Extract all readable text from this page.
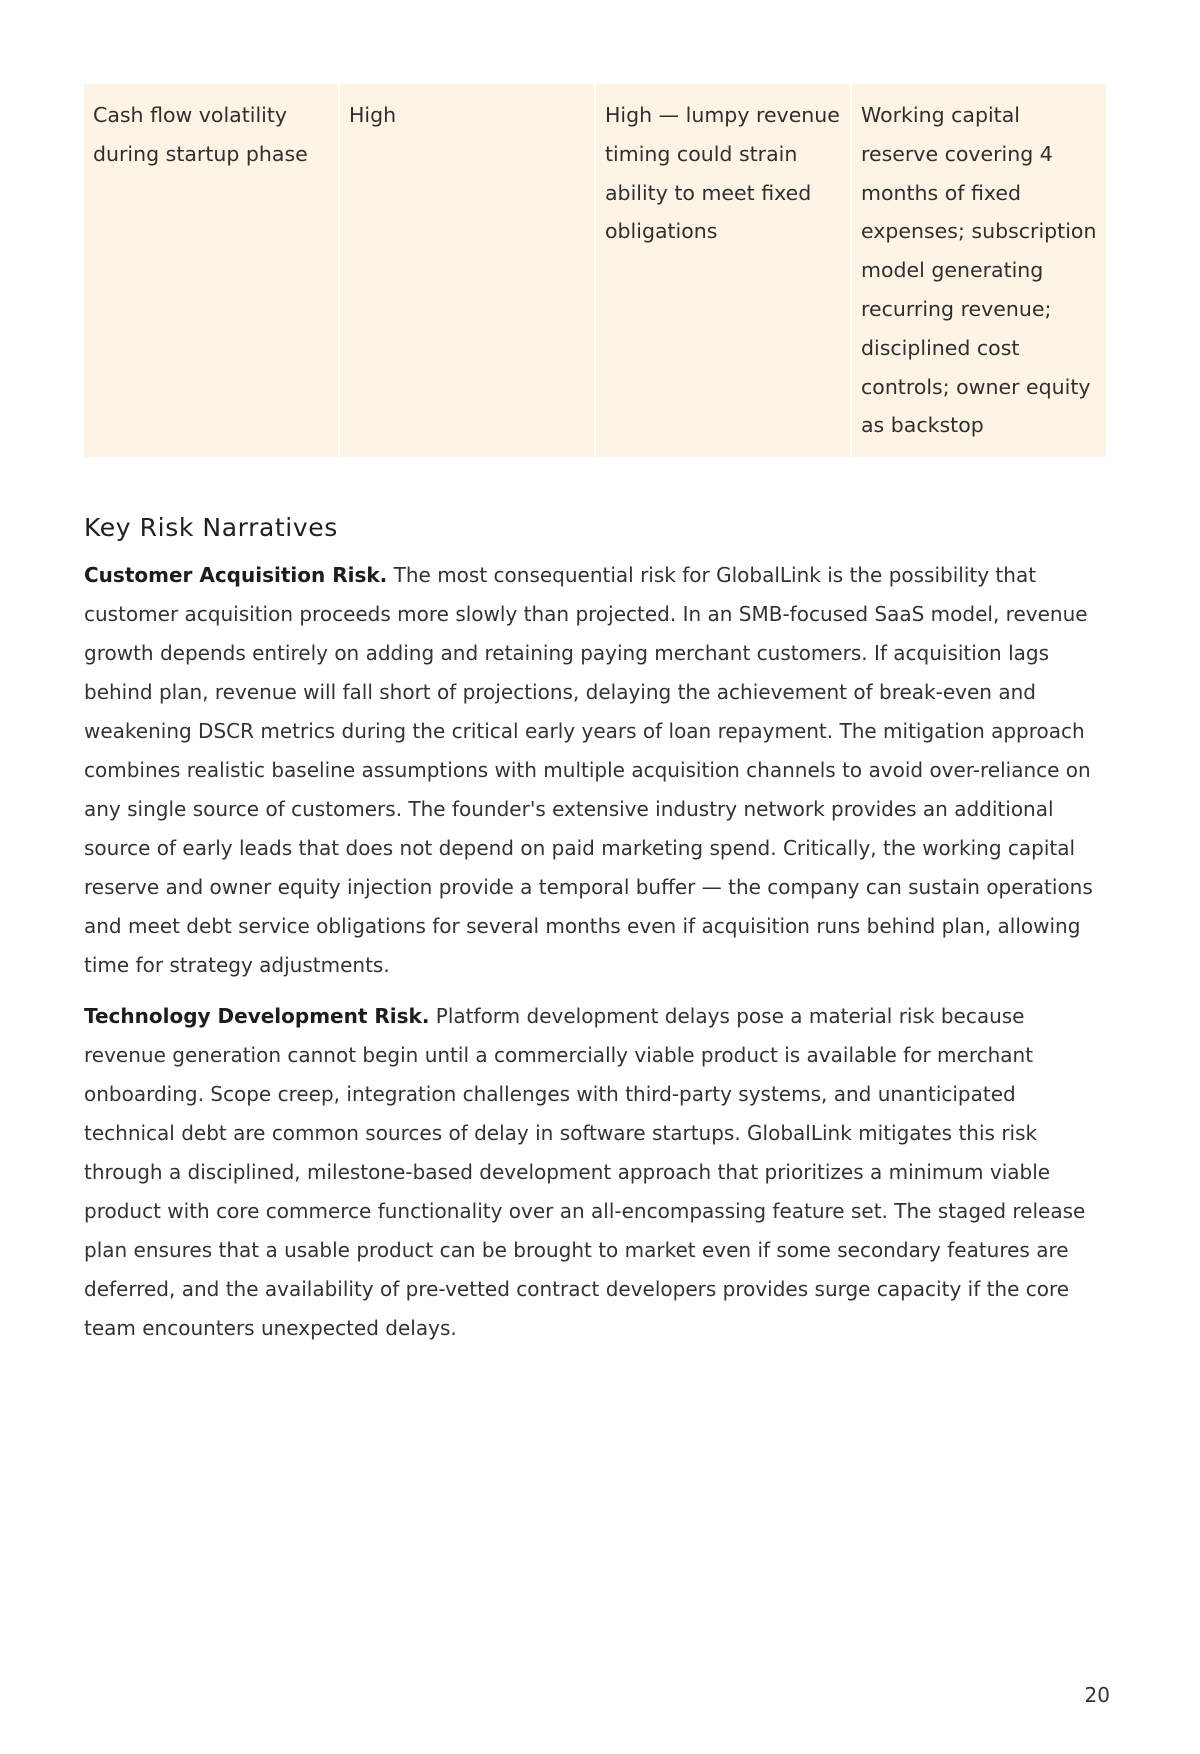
Cash flow volatility during startup phase	High	High — lumpy revenue timing could strain ability to meet fixed obligations	Working capital reserve covering 4 months of fixed expenses; subscription model generating recurring revenue; disciplined cost controls; owner equity as backstop
Key Risk Narratives

Customer Acquisition Risk. The most consequential risk for GlobalLink is the possibility that customer acquisition proceeds more slowly than projected. In an SMB-focused SaaS model, revenue growth depends entirely on adding and retaining paying merchant customers. If acquisition lags behind plan, revenue will fall short of projections, delaying the achievement of break-even and weakening DSCR metrics during the critical early years of loan repayment. The mitigation approach combines realistic baseline assumptions with multiple acquisition channels to avoid over-reliance on any single source of customers. The founder's extensive industry network provides an additional source of early leads that does not depend on paid marketing spend. Critically, the working capital reserve and owner equity injection provide a temporal buffer — the company can sustain operations and meet debt service obligations for several months even if acquisition runs behind plan, allowing time for strategy adjustments.

Technology Development Risk. Platform development delays pose a material risk because revenue generation cannot begin until a commercially viable product is available for merchant onboarding. Scope creep, integration challenges with third-party systems, and unanticipated technical debt are common sources of delay in software startups. GlobalLink mitigates this risk through a disciplined, milestone-based development approach that prioritizes a minimum viable product with core commerce functionality over an all-encompassing feature set. The staged release plan ensures that a usable product can be brought to market even if some secondary features are deferred, and the availability of pre-vetted contract developers provides surge capacity if the core team encounters unexpected delays.

20
